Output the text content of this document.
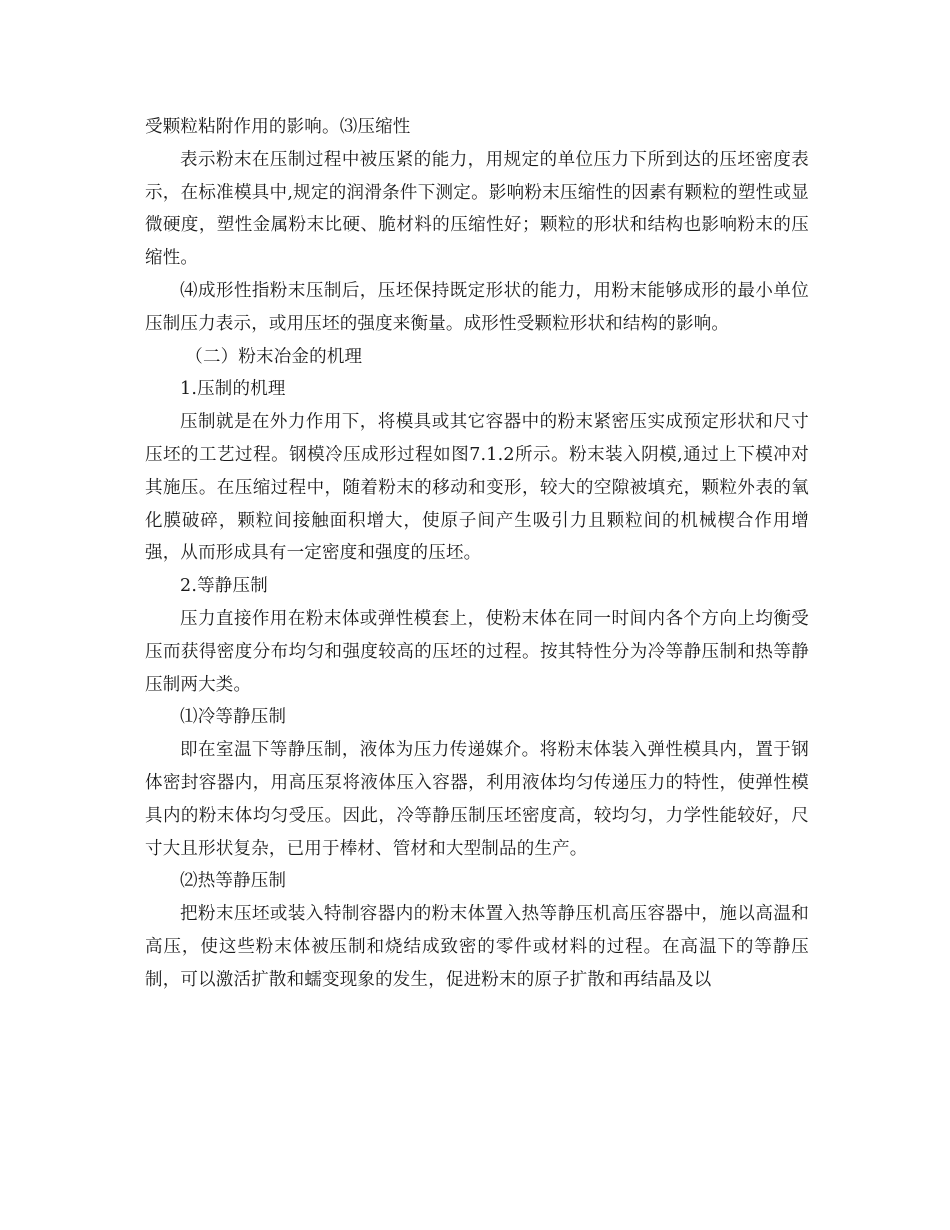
受颗粒粘附作用的影响。⑶压缩性

表示粉末在压制过程中被压紧的能力，用规定的单位压力下所到达的压坯密度表示，在标准模具中,规定的润滑条件下测定。影响粉末压缩性的因素有颗粒的塑性或显微硬度，塑性金属粉末比硬、脆材料的压缩性好；颗粒的形状和结构也影响粉末的压缩性。

⑷成形性指粉末压制后，压坯保持既定形状的能力，用粉末能够成形的最小单位压制压力表示，或用压坯的强度来衡量。成形性受颗粒形状和结构的影响。

（二）粉末冶金的机理

1.压制的机理

压制就是在外力作用下，将模具或其它容器中的粉末紧密压实成预定形状和尺寸压坯的工艺过程。钢模冷压成形过程如图7.1.2所示。粉末装入阴模,通过上下模冲对其施压。在压缩过程中，随着粉末的移动和变形，较大的空隙被填充，颗粒外表的氧化膜破碎，颗粒间接触面积增大，使原子间产生吸引力且颗粒间的机械楔合作用增强，从而形成具有一定密度和强度的压坯。

2.等静压制

压力直接作用在粉末体或弹性模套上，使粉末体在同一时间内各个方向上均衡受压而获得密度分布均匀和强度较高的压坯的过程。按其特性分为冷等静压制和热等静压制两大类。

⑴冷等静压制

即在室温下等静压制，液体为压力传递媒介。将粉末体装入弹性模具内，置于钢体密封容器内，用高压泵将液体压入容器，利用液体均匀传递压力的特性，使弹性模具内的粉末体均匀受压。因此，冷等静压制压坯密度高，较均匀，力学性能较好，尺寸大且形状复杂，已用于棒材、管材和大型制品的生产。

⑵热等静压制

把粉末压坯或装入特制容器内的粉末体置入热等静压机高压容器中，施以高温和高压，使这些粉末体被压制和烧结成致密的零件或材料的过程。在高温下的等静压制，可以激活扩散和蠕变现象的发生，促进粉末的原子扩散和再结晶及以
